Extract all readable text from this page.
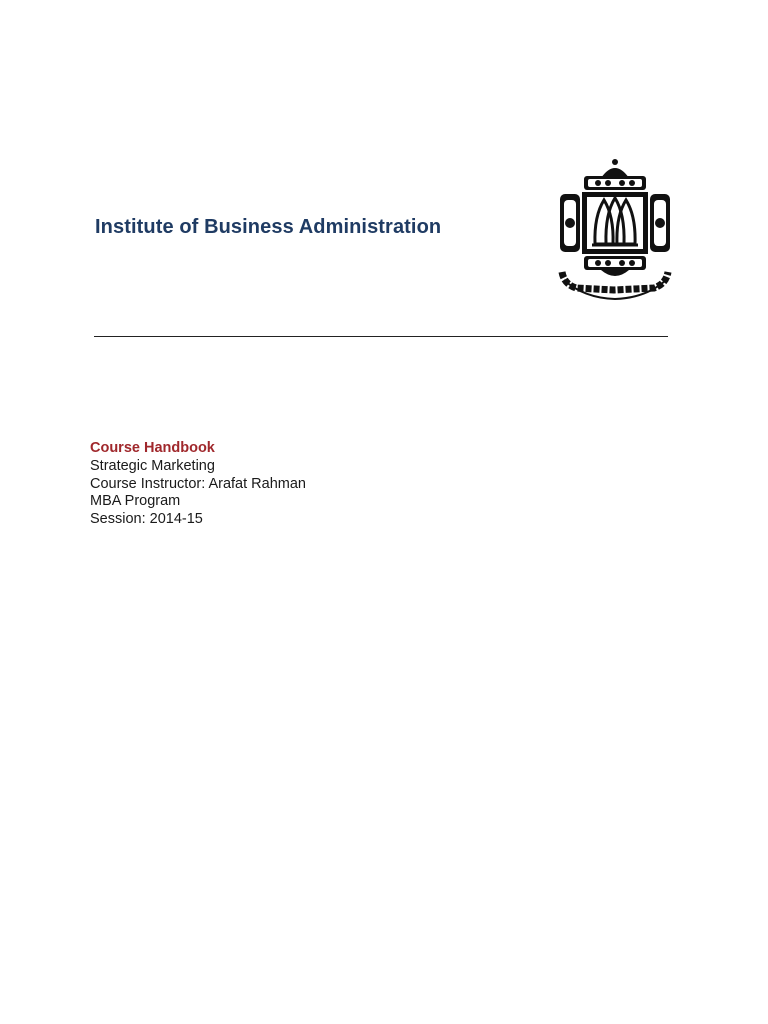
Institute of Business Administration
Course Handbook
Strategic Marketing
Course Instructor: Arafat Rahman
MBA Program
Session: 2014-15
